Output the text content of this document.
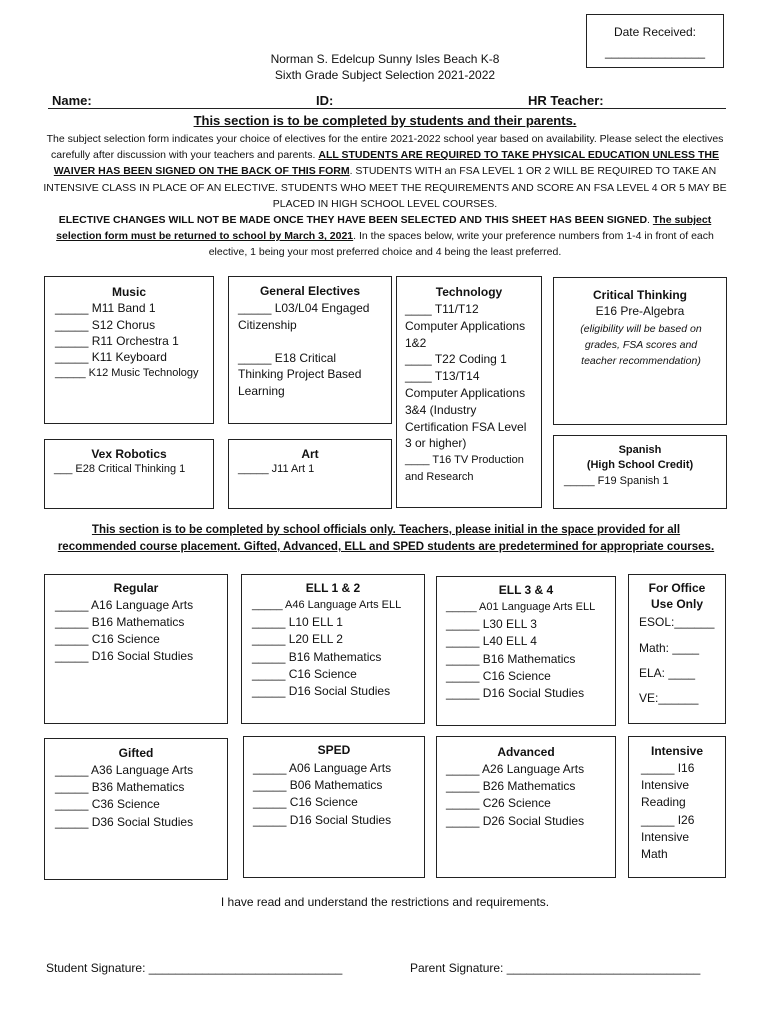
Date Received:
_______________
Norman S. Edelcup Sunny Isles Beach K-8
Sixth Grade Subject Selection 2021-2022
Name:	ID:	HR Teacher:
This section is to be completed by students and their parents.
The subject selection form indicates your choice of electives for the entire 2021-2022 school year based on availability. Please select the electives carefully after discussion with your teachers and parents. ALL STUDENTS ARE REQUIRED TO TAKE PHYSICAL EDUCATION UNLESS THE WAIVER HAS BEEN SIGNED ON THE BACK OF THIS FORM. STUDENTS WITH an FSA LEVEL 1 OR 2 WILL BE REQUIRED TO TAKE AN INTENSIVE CLASS IN PLACE OF AN ELECTIVE. STUDENTS WHO MEET THE REQUIREMENTS AND SCORE AN FSA LEVEL 4 OR 5 MAY BE PLACED IN HIGH SCHOOL LEVEL COURSES.
ELECTIVE CHANGES WILL NOT BE MADE ONCE THEY HAVE BEEN SELECTED AND THIS SHEET HAS BEEN SIGNED. The subject selection form must be returned to school by March 3, 2021. In the spaces below, write your preference numbers from 1-4 in front of each elective, 1 being your most preferred choice and 4 being the least preferred.
Music
_____ M11 Band 1
_____ S12 Chorus
_____ R11 Orchestra 1
_____ K11 Keyboard
_____ K12 Music Technology
General Electives
_____ L03/L04 Engaged
Citizenship
_____ E18 Critical
Thinking Project Based
Learning
Technology
____ T11/T12
Computer Applications
1&2
____ T22 Coding 1
____ T13/T14
Computer Applications
3&4 (Industry
Certification FSA Level
3 or higher)
____ T16 TV Production
and Research
Critical Thinking
E16 Pre-Algebra
(eligibility will be based on grades, FSA scores and teacher recommendation)
Vex Robotics
___ E28 Critical Thinking 1
Art
_____ J11 Art 1
Spanish
(High School Credit)
_____ F19 Spanish 1
This section is to be completed by school officials only. Teachers, please initial in the space provided for all recommended course placement. Gifted, Advanced, ELL and SPED students are predetermined for appropriate courses.
Regular
_____ A16 Language Arts
_____ B16 Mathematics
_____ C16 Science
_____ D16 Social Studies
ELL 1 & 2
_____ A46 Language Arts ELL
_____ L10 ELL 1
_____ L20 ELL 2
_____ B16 Mathematics
_____ C16 Science
_____ D16 Social Studies
ELL 3 & 4
_____ A01 Language Arts ELL
_____ L30 ELL 3
_____ L40 ELL 4
_____ B16 Mathematics
_____ C16 Science
_____ D16 Social Studies
For Office
Use Only
ESOL:______
Math: ____
ELA: ____
VE:______
Gifted
_____ A36 Language Arts
_____ B36 Mathematics
_____ C36 Science
_____ D36 Social Studies
SPED
_____ A06 Language Arts
_____ B06 Mathematics
_____ C16 Science
_____ D16 Social Studies
Advanced
_____ A26 Language Arts
_____ B26 Mathematics
_____ C26 Science
_____ D26 Social Studies
Intensive
_____ I16
Intensive
Reading
_____ I26
Intensive
Math
I have read and understand the restrictions and requirements.
Student Signature: _____________________________	Parent Signature: _____________________________
